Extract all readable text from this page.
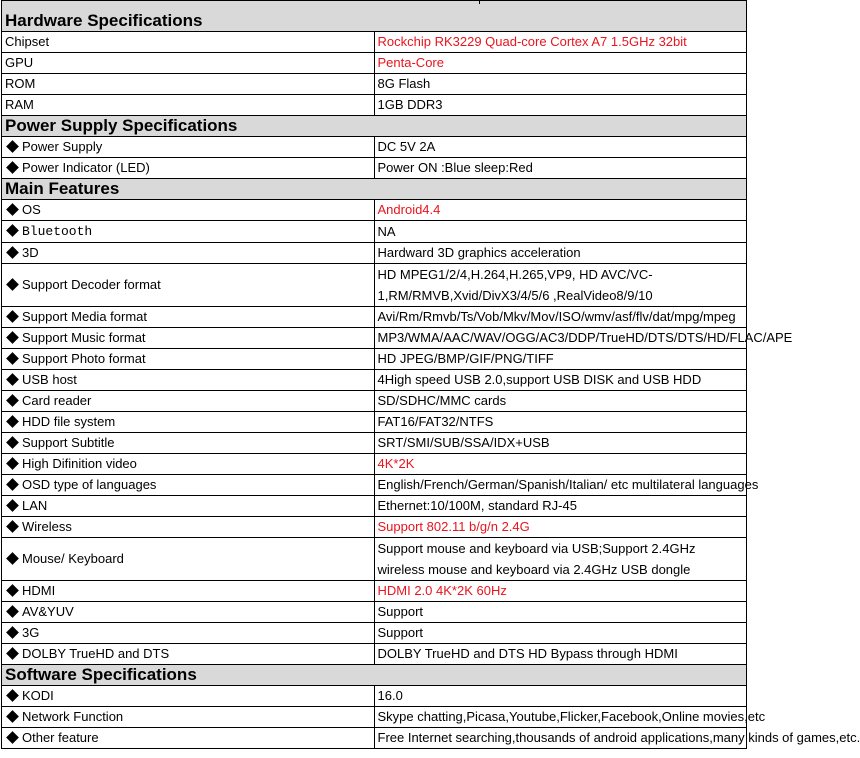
Hardware Specifications	
Chipset	Rockchip RK3229 Quad-core Cortex A7 1.5GHz 32bit
GPU	Penta-Core
ROM	8G Flash
RAM	1GB DDR3
Power Supply Specifications	
Power Supply	DC 5V 2A
Power Indicator (LED)	Power ON :Blue sleep:Red
Main Features	
OS	Android4.4
Bluetooth	NA
3D	Hardward 3D graphics acceleration
Support Decoder format	HD MPEG1/2/4,H.264,H.265,VP9, HD AVC/VC-1,RM/RMVB,Xvid/DivX3/4/5/6 ,RealVideo8/9/10
Support Media format	Avi/Rm/Rmvb/Ts/Vob/Mkv/Mov/ISO/wmv/asf/flv/dat/mpg/mpeg
Support Music format	MP3/WMA/AAC/WAV/OGG/AC3/DDP/TrueHD/DTS/DTS/HD/FLAC/APE
Support Photo format	HD JPEG/BMP/GIF/PNG/TIFF
USB host	4High speed USB 2.0,support USB DISK and USB HDD
Card reader	SD/SDHC/MMC cards
HDD file system	FAT16/FAT32/NTFS
Support Subtitle	SRT/SMI/SUB/SSA/IDX+USB
High Difinition video	4K*2K
OSD type of languages	English/French/German/Spanish/Italian/ etc multilateral languages
LAN	Ethernet:10/100M, standard RJ-45
Wireless	Support 802.11 b/g/n 2.4G
Mouse/ Keyboard	Support mouse and keyboard via USB;Support 2.4GHz wireless mouse and keyboard via 2.4GHz USB dongle
HDMI	HDMI 2.0 4K*2K 60Hz
AV&YUV	Support
3G	Support
DOLBY TrueHD and DTS	DOLBY TrueHD and DTS HD Bypass through HDMI
Software Specifications	
KODI	16.0
Network Function	Skype chatting,Picasa,Youtube,Flicker,Facebook,Online movies,etc
Other feature	Free Internet searching,thousands of android applications,many kinds of games,etc.
